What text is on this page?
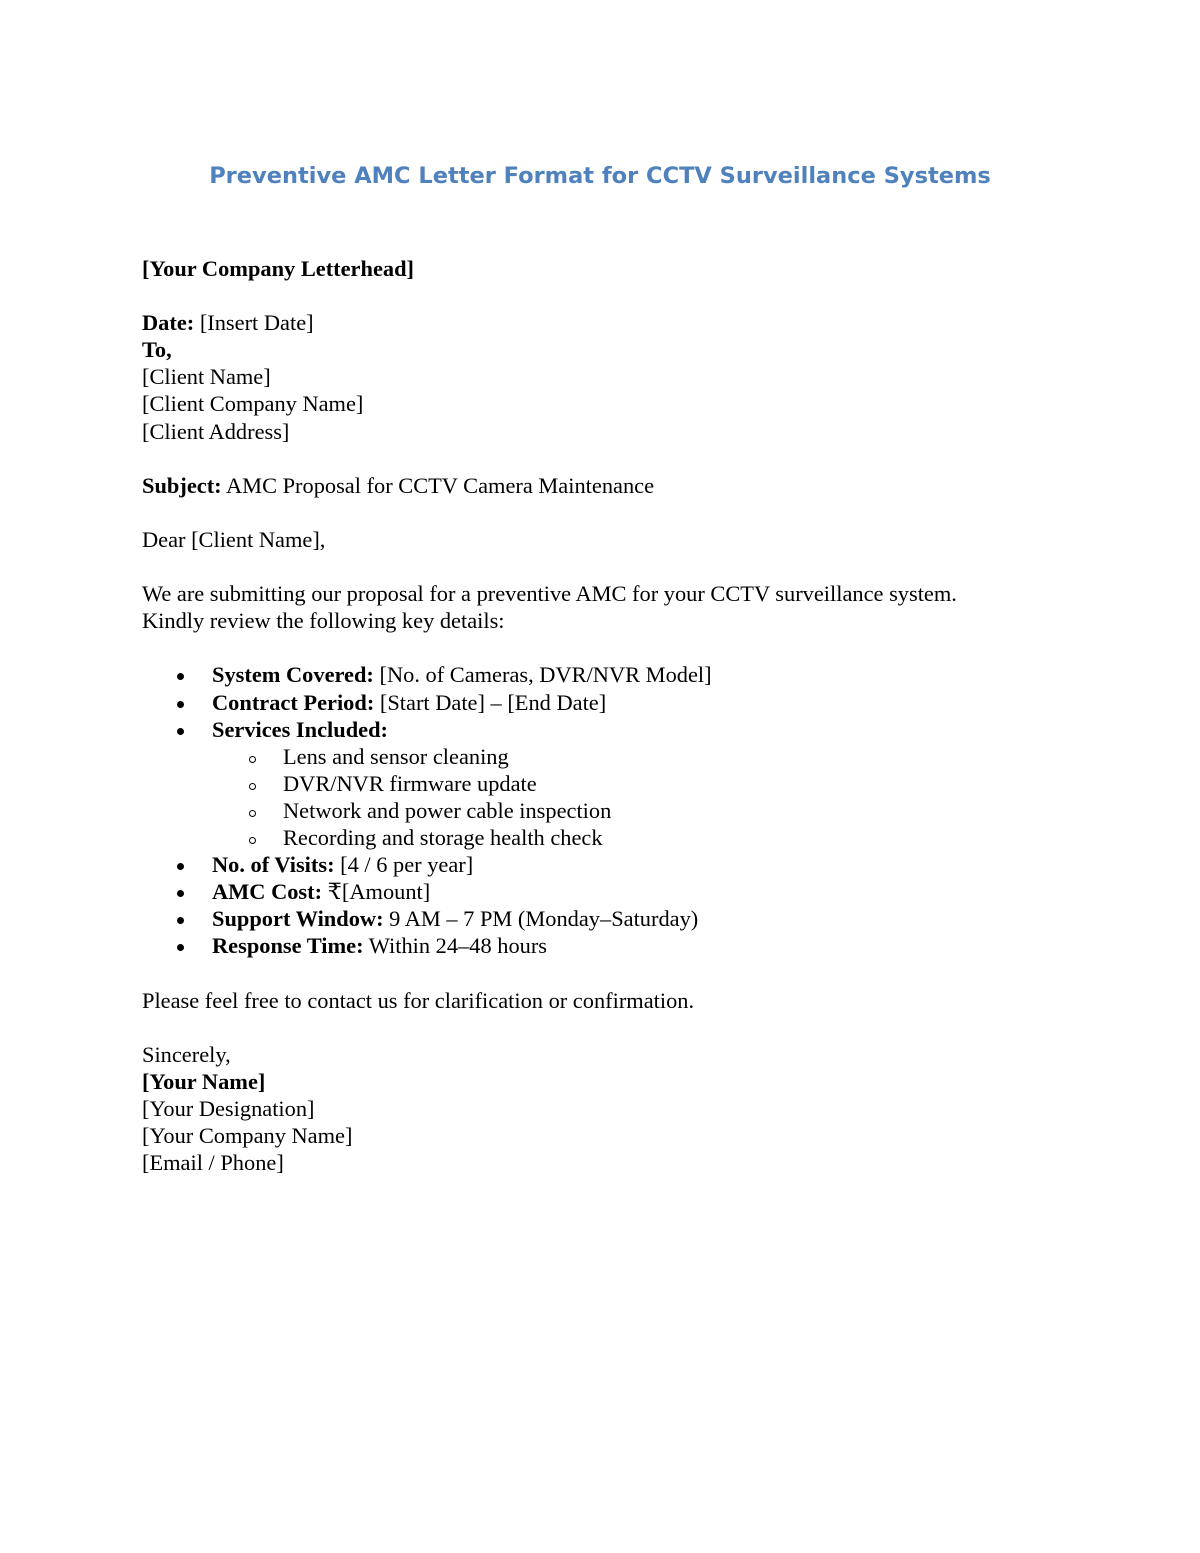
Preventive AMC Letter Format for CCTV Surveillance Systems
[Your Company Letterhead]
Date: [Insert Date]
To,
[Client Name]
[Client Company Name]
[Client Address]
Subject: AMC Proposal for CCTV Camera Maintenance
Dear [Client Name],
We are submitting our proposal for a preventive AMC for your CCTV surveillance system.
Kindly review the following key details:
System Covered: [No. of Cameras, DVR/NVR Model]
Contract Period: [Start Date] – [End Date]
Services Included:
Lens and sensor cleaning
DVR/NVR firmware update
Network and power cable inspection
Recording and storage health check
No. of Visits: [4 / 6 per year]
AMC Cost: ₹[Amount]
Support Window: 9 AM – 7 PM (Monday–Saturday)
Response Time: Within 24–48 hours
Please feel free to contact us for clarification or confirmation.
Sincerely,
[Your Name]
[Your Designation]
[Your Company Name]
[Email / Phone]
